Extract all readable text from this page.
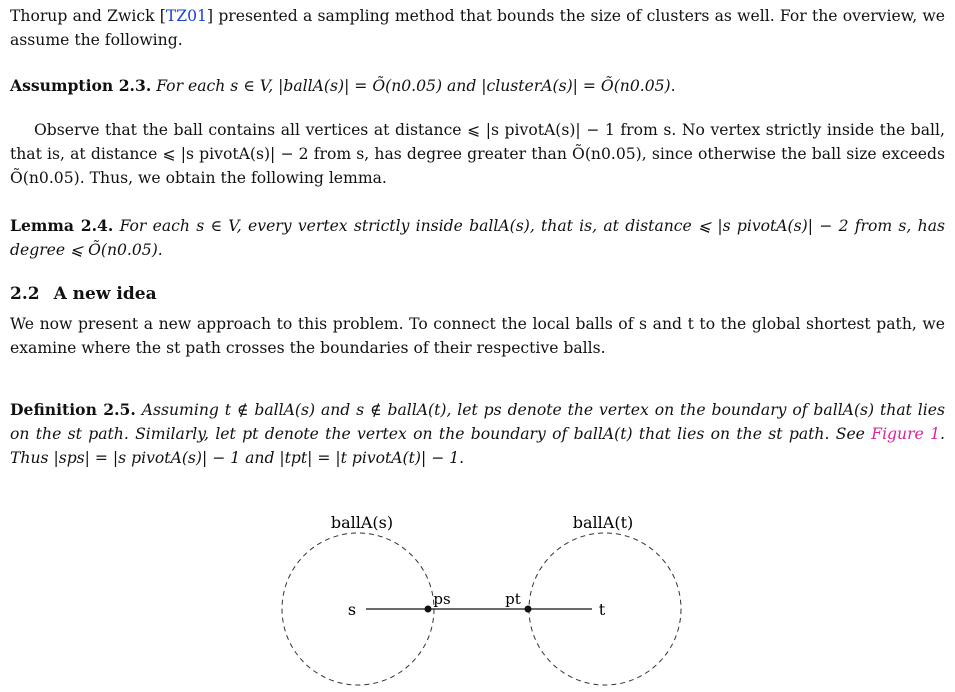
Thorup and Zwick [TZ01] presented a sampling method that bounds the size of clusters as well. For the overview, we assume the following.

Assumption 2.3. For each s ∈ V, |ballA(s)| = Õ(n0.05) and |clusterA(s)| = Õ(n0.05).

Observe that the ball contains all vertices at distance ⩽ |s pivotA(s)| − 1 from s. No vertex strictly inside the ball, that is, at distance ⩽ |s pivotA(s)| − 2 from s, has degree greater than Õ(n0.05), since otherwise the ball size exceeds Õ(n0.05). Thus, we obtain the following lemma.

Lemma 2.4. For each s ∈ V, every vertex strictly inside ballA(s), that is, at distance ⩽ |s pivotA(s)| − 2 from s, has degree ⩽ Õ(n0.05).

2.2 A new idea

We now present a new approach to this problem. To connect the local balls of s and t to the global shortest path, we examine where the st path crosses the boundaries of their respective balls.

Definition 2.5. Assuming t ∉ ballA(s) and s ∉ ballA(t), let ps denote the vertex on the boundary of ballA(s) that lies on the st path. Similarly, let pt denote the vertex on the boundary of ballA(t) that lies on the st path. See Figure 1. Thus |sps| = |s pivotA(s)| − 1 and |tpt| = |t pivotA(t)| − 1.

ballA(s)	ballA(t)
s	t
ps	pt
